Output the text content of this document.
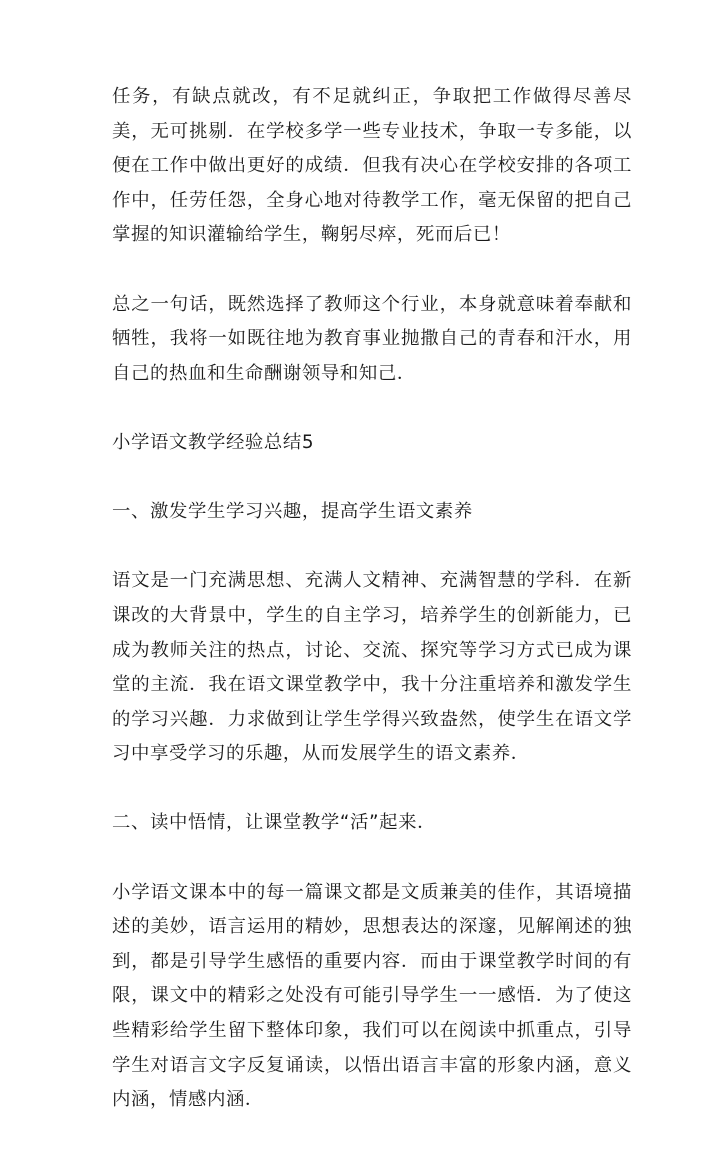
任务，有缺点就改，有不足就纠正，争取把工作做得尽善尽美，无可挑剔．在学校多学一些专业技术，争取一专多能，以便在工作中做出更好的成绩．但我有决心在学校安排的各项工作中，任劳任怨，全身心地对待教学工作，毫无保留的把自己掌握的知识灌输给学生，鞠躬尽瘁，死而后已！

总之一句话，既然选择了教师这个行业，本身就意味着奉献和牺牲，我将一如既往地为教育事业抛撒自己的青春和汗水，用自己的热血和生命酬谢领导和知己．

小学语文教学经验总结5

一、激发学生学习兴趣，提高学生语文素养

语文是一门充满思想、充满人文精神、充满智慧的学科．在新课改的大背景中，学生的自主学习，培养学生的创新能力，已成为教师关注的热点，讨论、交流、探究等学习方式已成为课堂的主流．我在语文课堂教学中，我十分注重培养和激发学生的学习兴趣．力求做到让学生学得兴致盎然，使学生在语文学习中享受学习的乐趣，从而发展学生的语文素养．

二、读中悟情，让课堂教学“活”起来．

小学语文课本中的每一篇课文都是文质兼美的佳作，其语境描述的美妙，语言运用的精妙，思想表达的深邃，见解阐述的独到，都是引导学生感悟的重要内容．而由于课堂教学时间的有限，课文中的精彩之处没有可能引导学生一一感悟．为了使这些精彩给学生留下整体印象，我们可以在阅读中抓重点，引导学生对语言文字反复诵读，以悟出语言丰富的形象内涵，意义内涵，情感内涵．
